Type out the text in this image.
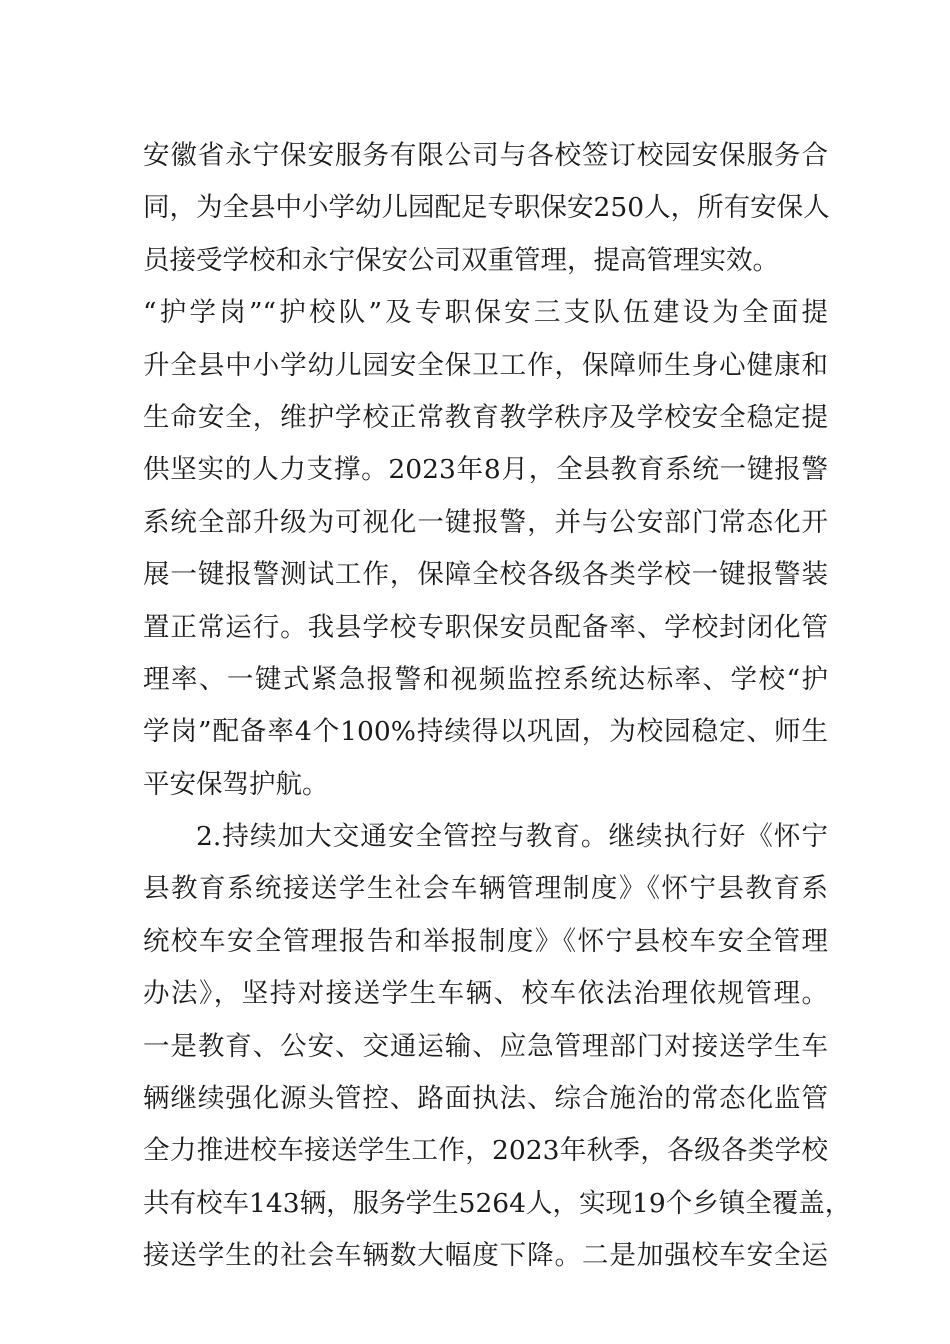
安徽省永宁保安服务有限公司与各校签订校园安保服务合
同，为全县中小学幼儿园配足专职保安250人，所有安保人
员接受学校和永宁保安公司双重管理，提高管理实效。
“护学岗”“护校队”及专职保安三支队伍建设为全面提
升全县中小学幼儿园安全保卫工作，保障师生身心健康和
生命安全，维护学校正常教育教学秩序及学校安全稳定提
供坚实的人力支撑。2023年8月，全县教育系统一键报警
系统全部升级为可视化一键报警，并与公安部门常态化开
展一键报警测试工作，保障全校各级各类学校一键报警装
置正常运行。我县学校专职保安员配备率、学校封闭化管
理率、一键式紧急报警和视频监控系统达标率、学校“护
学岗”配备率4个100%持续得以巩固，为校园稳定、师生
平安保驾护航。
2.持续加大交通安全管控与教育。继续执行好《怀宁
县教育系统接送学生社会车辆管理制度》《怀宁县教育系
统校车安全管理报告和举报制度》《怀宁县校车安全管理
办法》，坚持对接送学生车辆、校车依法治理依规管理。
一是教育、公安、交通运输、应急管理部门对接送学生车
辆继续强化源头管控、路面执法、综合施治的常态化监管
全力推进校车接送学生工作，2023年秋季，各级各类学校
共有校车143辆，服务学生5264人，实现19个乡镇全覆盖，
接送学生的社会车辆数大幅度下降。二是加强校车安全运
